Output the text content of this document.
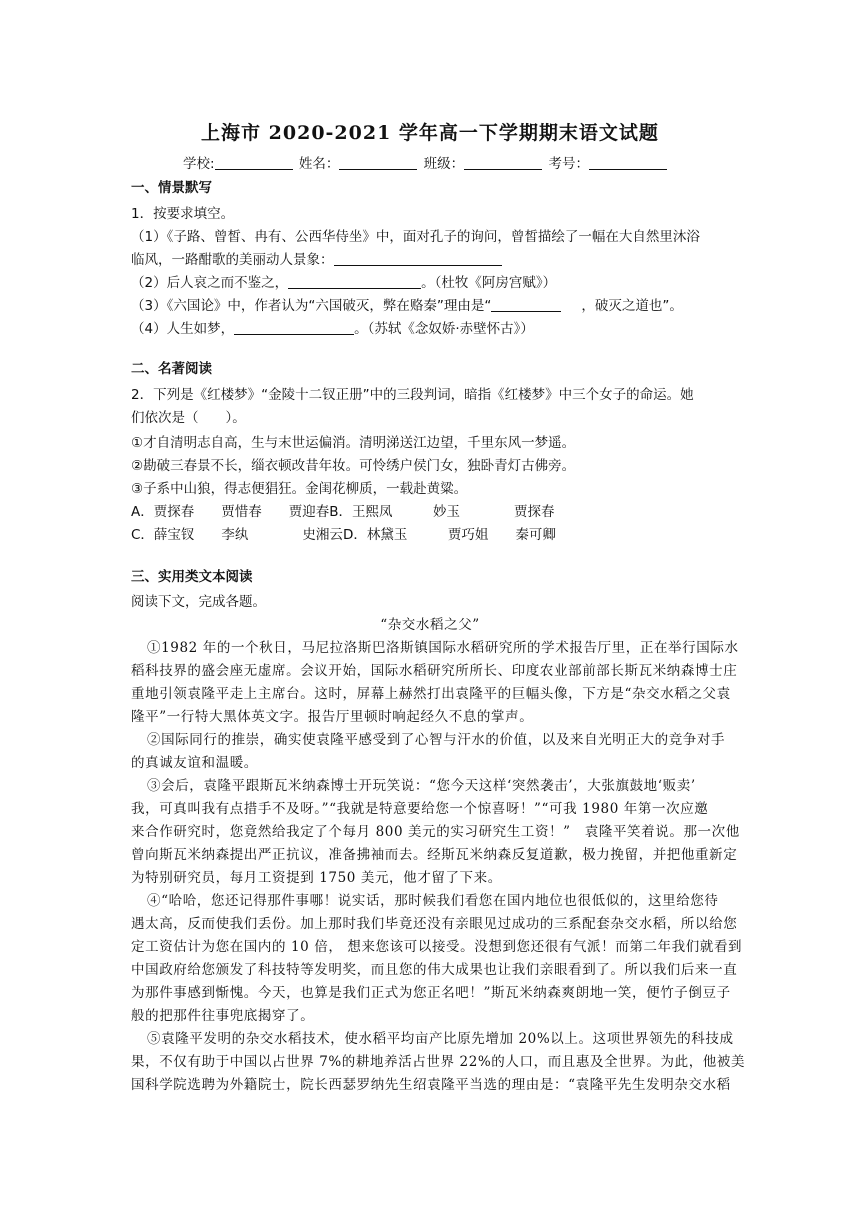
上海市 2020-2021 学年高一下学期期末语文试题
学校:	姓名：	班级：	考号：
一、情景默写
1．按要求填空。
（1）《子路、曾皙、冉有、公西华侍坐》中，面对孔子的询问，曾皙描绘了一幅在大自然里沐浴
临风，一路酣歌的美丽动人景象：
（2）后人哀之而不鉴之，	。（杜牧《阿房宫赋》）
（3）《六国论》中，作者认为“六国破灭，弊在赂秦”理由是“	，破灭之道也”。
（4）人生如梦，	。（苏轼《念奴娇·赤壁怀古》）
二、名著阅读
2．下列是《红楼梦》“金陵十二钗正册”中的三段判词，暗指《红楼梦》中三个女子的命运。她
们依次是（　　）。
①才自清明志自高，生与末世运偏消。清明涕送江边望，千里东风一梦遥。
②勘破三春景不长，缁衣顿改昔年妆。可怜绣户侯门女，独卧青灯古佛旁。
③子系中山狼，得志便猖狂。金闺花柳质，一载赴黄粱。
A．贾探春　　贾惜春　　贾迎春B．王熙凤　　　妙玉　　　　贾探春
C．薛宝钗　　李纨　　　　史湘云D．林黛玉　　　贾巧姐　　秦可卿
三、实用类文本阅读
阅读下文，完成各题。
“杂交水稻之父”
①1982 年的一个秋日，马尼拉洛斯巴洛斯镇国际水稻研究所的学术报告厅里，正在举行国际水
稻科技界的盛会座无虚席。会议开始，国际水稻研究所所长、印度农业部前部长斯瓦米纳森博士庄
重地引领袁隆平走上主席台。这时，屏幕上赫然打出袁隆平的巨幅头像，下方是“杂交水稻之父袁
隆平”一行特大黑体英文字。报告厅里顿时响起经久不息的掌声。
②国际同行的推崇，确实使袁隆平感受到了心智与汗水的价值，以及来自光明正大的竞争对手
的真诚友谊和温暖。
③会后，袁隆平跟斯瓦米纳森博士开玩笑说：“您今天这样‘突然袭击’，大张旗鼓地‘贩卖’
我，可真叫我有点措手不及呀。”“我就是特意要给您一个惊喜呀！”“可我 1980 年第一次应邀
来合作研究时，您竟然给我定了个每月 800 美元的实习研究生工资！”　袁隆平笑着说。那一次他
曾向斯瓦米纳森提出严正抗议，准备拂袖而去。经斯瓦米纳森反复道歉，极力挽留，并把他重新定
为特别研究员，每月工资提到 1750 美元，他才留了下来。
④“哈哈，您还记得那件事哪！说实话，那时候我们看您在国内地位也很低似的，这里给您待
遇太高，反而使我们丢份。加上那时我们毕竟还没有亲眼见过成功的三系配套杂交水稻，所以给您
定工资估计为您在国内的 10 倍， 想来您该可以接受。没想到您还很有气派！而第二年我们就看到
中国政府给您颁发了科技特等发明奖，而且您的伟大成果也让我们亲眼看到了。所以我们后来一直
为那件事感到惭愧。今天，也算是我们正式为您正名吧！”斯瓦米纳森爽朗地一笑，便竹子倒豆子
般的把那件往事兜底揭穿了。
⑤袁隆平发明的杂交水稻技术，使水稻平均亩产比原先增加 20%以上。这项世界领先的科技成
果，不仅有助于中国以占世界 7%的耕地养活占世界 22%的人口，而且惠及全世界。为此，他被美
国科学院选聘为外籍院士，院长西瑟罗纳先生绍袁隆平当选的理由是：“袁隆平先生发明杂交水稻
